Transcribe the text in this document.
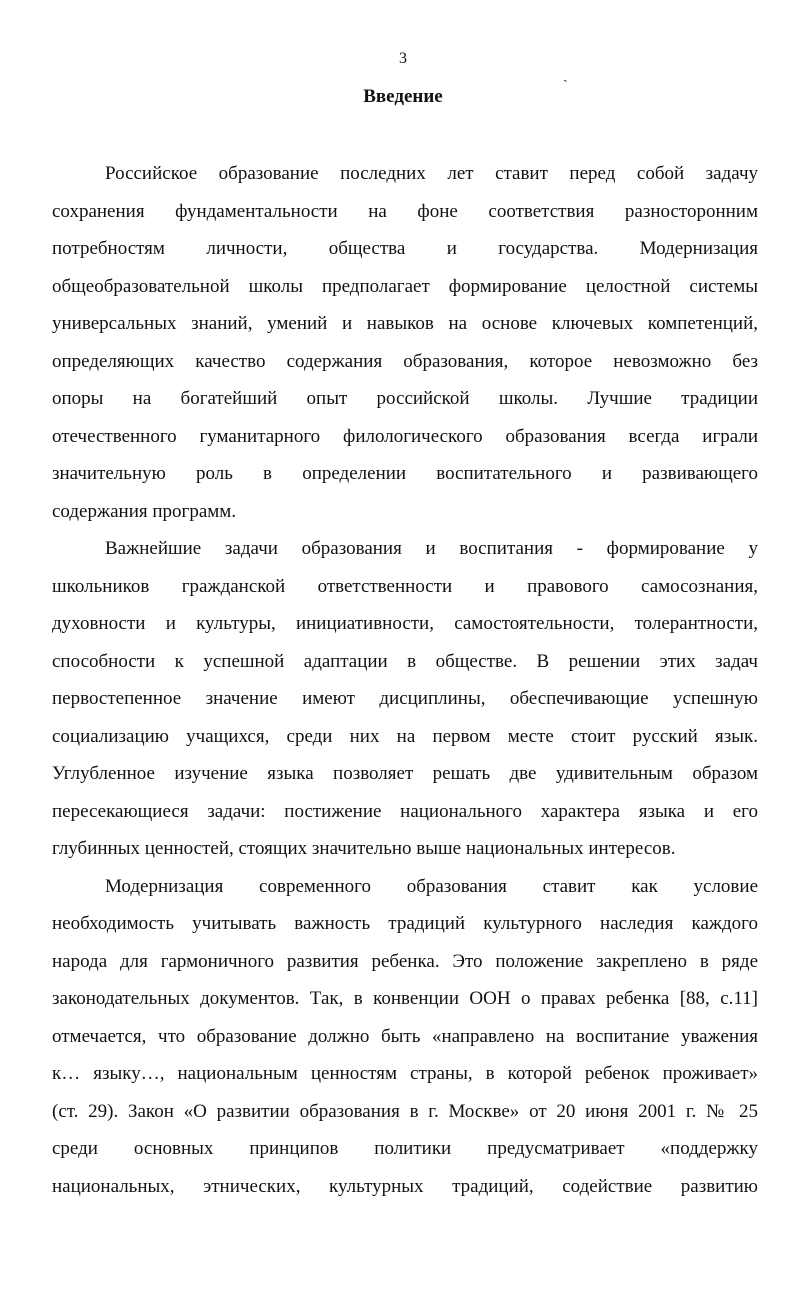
3
ˏ
Введение
Российское образование последних лет ставит перед собой задачу
сохранения фундаментальности на фоне соответствия разносторонним
потребностям личности, общества и государства. Модернизация
общеобразовательной школы предполагает формирование целостной системы
универсальных знаний, умений и навыков на основе ключевых компетенций,
определяющих качество содержания образования, которое невозможно без
опоры на богатейший опыт российской школы. Лучшие традиции
отечественного гуманитарного филологического образования всегда играли
значительную роль в определении воспитательного и развивающего
содержания программ.
Важнейшие задачи образования и воспитания - формирование у
школьников гражданской ответственности и правового самосознания,
духовности и культуры, инициативности, самостоятельности, толерантности,
способности к успешной адаптации в обществе. В решении этих задач
первостепенное значение имеют дисциплины, обеспечивающие успешную
социализацию учащихся, среди них на первом месте стоит русский язык.
Углубленное изучение языка позволяет решать две удивительным образом
пересекающиеся задачи: постижение национального характера языка и его
глубинных ценностей, стоящих значительно выше национальных интересов.
Модернизация современного образования ставит как условие
необходимость учитывать важность традиций культурного наследия каждого
народа для гармоничного развития ребенка. Это положение закреплено в ряде
законодательных документов. Так, в конвенции ООН о правах ребенка [88, с.11]
отмечается, что образование должно быть «направлено на воспитание уважения
к… языку…, национальным ценностям страны, в которой ребенок проживает»
(ст. 29). Закон «О развитии образования в г. Москве» от 20 июня 2001 г. № 25
среди основных принципов политики предусматривает «поддержку
национальных, этнических, культурных традиций, содействие развитию
